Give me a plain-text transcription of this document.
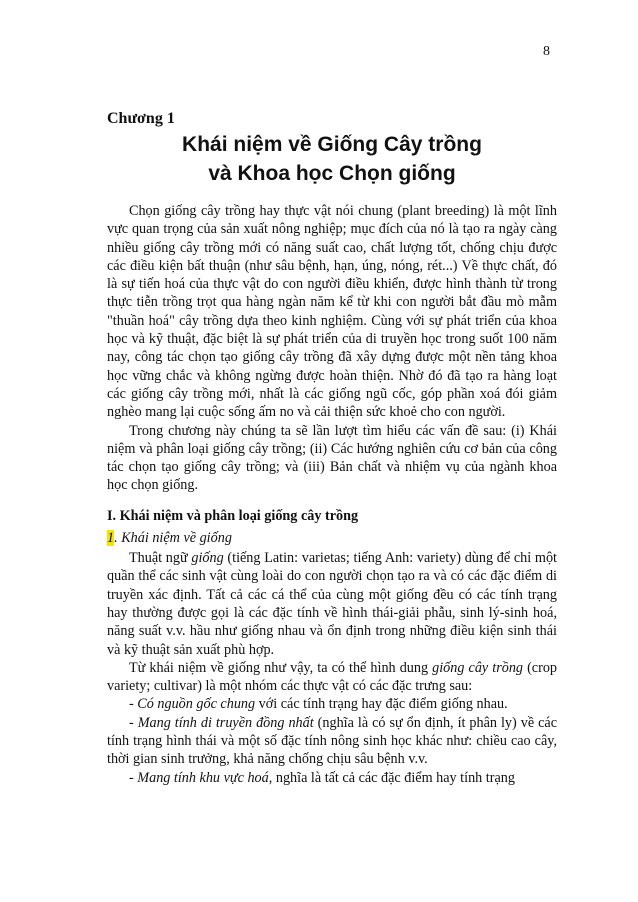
8
Chương 1
Khái niệm về Giống Cây trồng
và Khoa học Chọn giống

Chọn giống cây trồng hay thực vật nói chung (plant breeding) là một lĩnh vực quan trọng của sản xuất nông nghiệp; mục đích của nó là tạo ra ngày càng nhiều giống cây trồng mới có năng suất cao, chất lượng tốt, chống chịu được các điều kiện bất thuận (như sâu bệnh, hạn, úng, nóng, rét...) Về thực chất, đó là sự tiến hoá của thực vật do con người điều khiển, được hình thành từ trong thực tiễn trồng trọt qua hàng ngàn năm kể từ khi con người bắt đầu mò mẫm "thuần hoá" cây trồng dựa theo kinh nghiệm. Cùng với sự phát triển của khoa học và kỹ thuật, đặc biệt là sự phát triển của di truyền học trong suốt 100 năm nay, công tác chọn tạo giống cây trồng đã xây dựng được một nền tảng khoa học vững chắc và không ngừng được hoàn thiện. Nhờ đó đã tạo ra hàng loạt các giống cây trồng mới, nhất là các giống ngũ cốc, góp phần xoá đói giảm nghèo mang lại cuộc sống ấm no và cải thiện sức khoẻ cho con người.

Trong chương này chúng ta sẽ lần lượt tìm hiểu các vấn đề sau: (i) Khái niệm và phân loại giống cây trồng; (ii) Các hướng nghiên cứu cơ bản của công tác chọn tạo giống cây trồng; và (iii) Bản chất và nhiệm vụ của ngành khoa học chọn giống.

I. Khái niệm và phân loại giống cây trồng
1. Khái niệm về giống

Thuật ngữ giống (tiếng Latin: varietas; tiếng Anh: variety) dùng để chỉ một quần thể các sinh vật cùng loài do con người chọn tạo ra và có các đặc điểm di truyền xác định. Tất cả các cá thể của cùng một giống đều có các tính trạng hay thường được gọi là các đặc tính về hình thái-giải phẫu, sinh lý-sinh hoá, năng suất v.v. hầu như giống nhau và ổn định trong những điều kiện sinh thái và kỹ thuật sản xuất phù hợp.

Từ khái niệm về giống như vậy, ta có thể hình dung giống cây trồng (crop variety; cultivar) là một nhóm các thực vật có các đặc trưng sau:

- Có nguồn gốc chung với các tính trạng hay đặc điểm giống nhau.

- Mang tính di truyền đồng nhất (nghĩa là có sự ổn định, ít phân ly) về các tính trạng hình thái và một số đặc tính nông sinh học khác như: chiều cao cây, thời gian sinh trưởng, khả năng chống chịu sâu bệnh v.v.

- Mang tính khu vực hoá, nghĩa là tất cả các đặc điểm hay tính trạng
